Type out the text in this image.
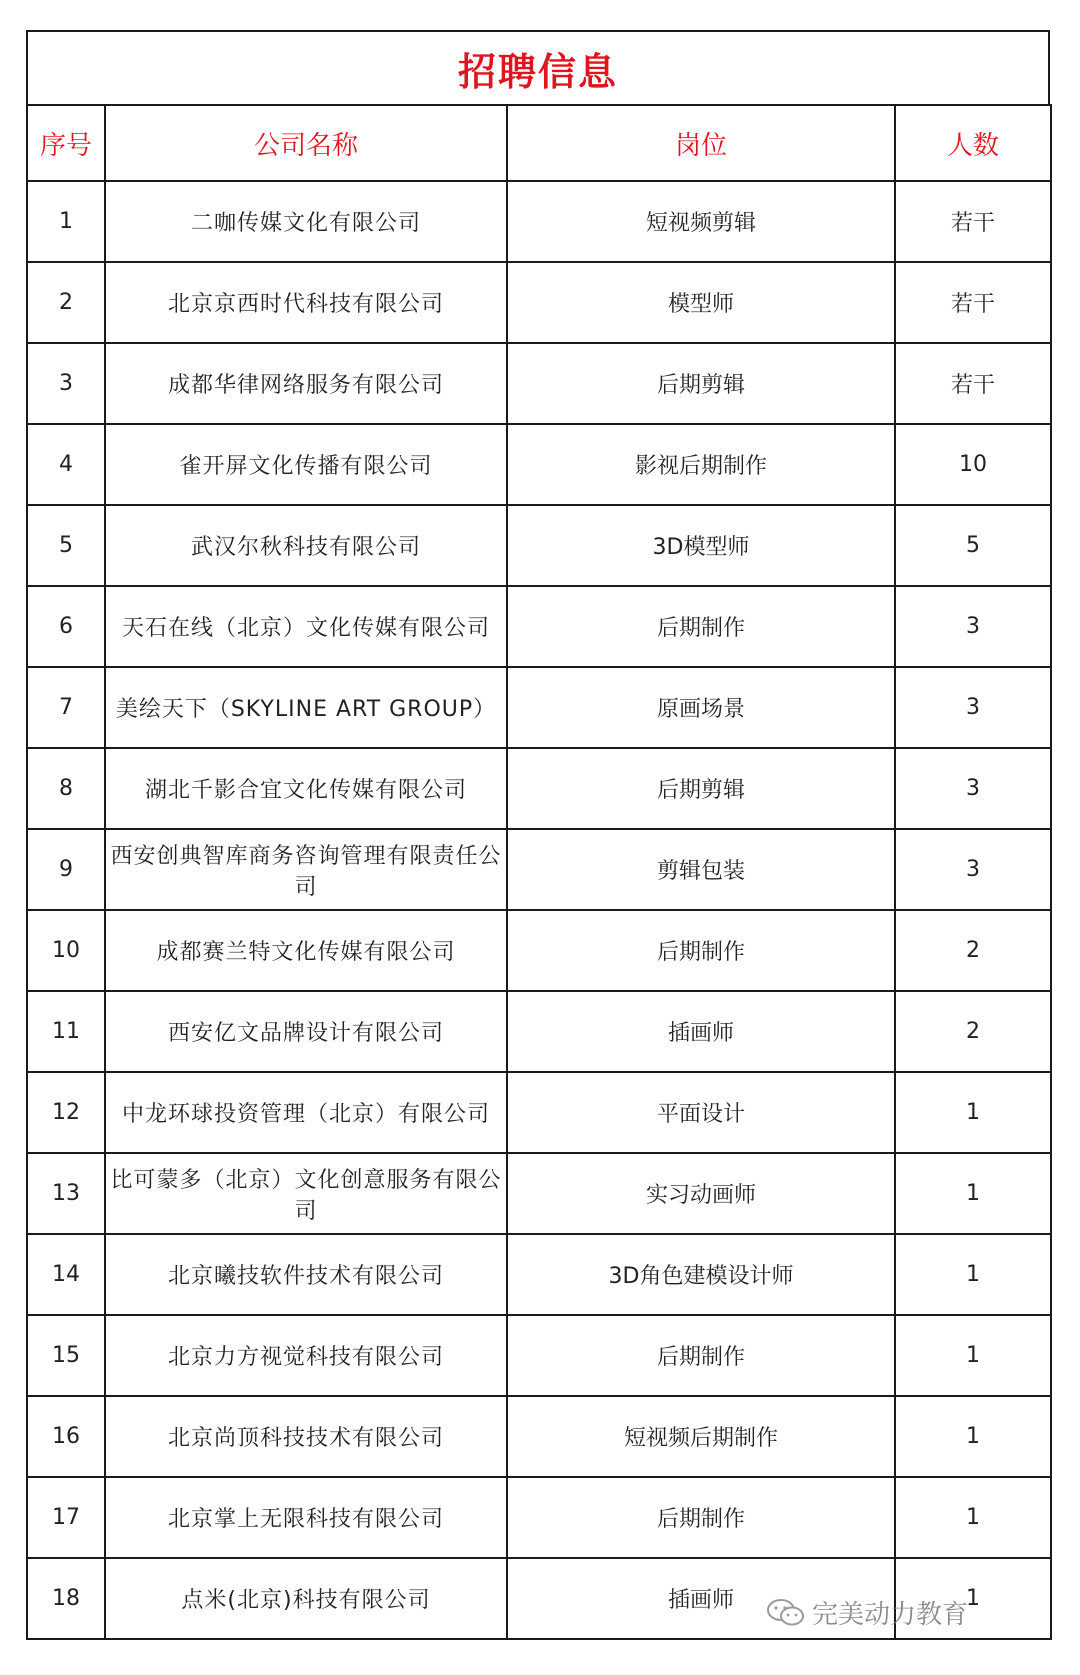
招聘信息
序号	公司名称	岗位	人数
1	二咖传媒文化有限公司	短视频剪辑	若干
2	北京京西时代科技有限公司	模型师	若干
3	成都华律网络服务有限公司	后期剪辑	若干
4	雀开屏文化传播有限公司	影视后期制作	10
5	武汉尔秋科技有限公司	3D模型师	5
6	天石在线（北京）文化传媒有限公司	后期制作	3
7	美绘天下（SKYLINE ART GROUP）	原画场景	3
8	湖北千影合宜文化传媒有限公司	后期剪辑	3
9	西安创典智库商务咨询管理有限责任公司	剪辑包装	3
10	成都赛兰特文化传媒有限公司	后期制作	2
11	西安亿文品牌设计有限公司	插画师	2
12	中龙环球投资管理（北京）有限公司	平面设计	1
13	比可蒙多（北京）文化创意服务有限公司	实习动画师	1
14	北京曦技软件技术有限公司	3D角色建模设计师	1
15	北京力方视觉科技有限公司	后期制作	1
16	北京尚顶科技技术有限公司	短视频后期制作	1
17	北京掌上无限科技有限公司	后期制作	1
18	点米(北京)科技有限公司	插画师	1
完美动力教育
